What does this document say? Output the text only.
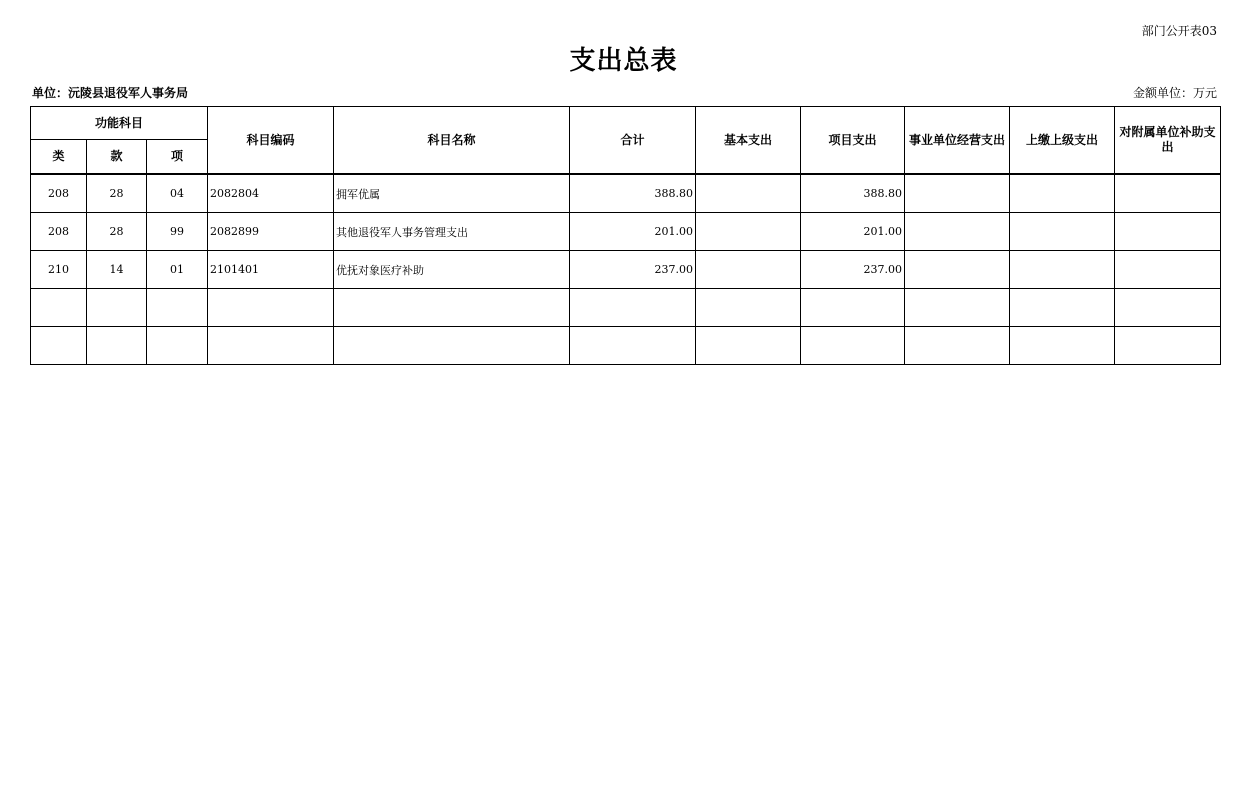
部门公开表03
支出总表
单位：沅陵县退役军人事务局	金额单位：万元
功能科目			科目编码	科目名称	合计	基本支出	项目支出	事业单位经营支出	上缴上级支出	对附属单位补助支出
类	款	项								
208	28	04	2082804	拥军优属	388.80		388.80			
208	28	99	2082899	其他退役军人事务管理支出	201.00		201.00			
210	14	01	2101401	优抚对象医疗补助	237.00		237.00			
